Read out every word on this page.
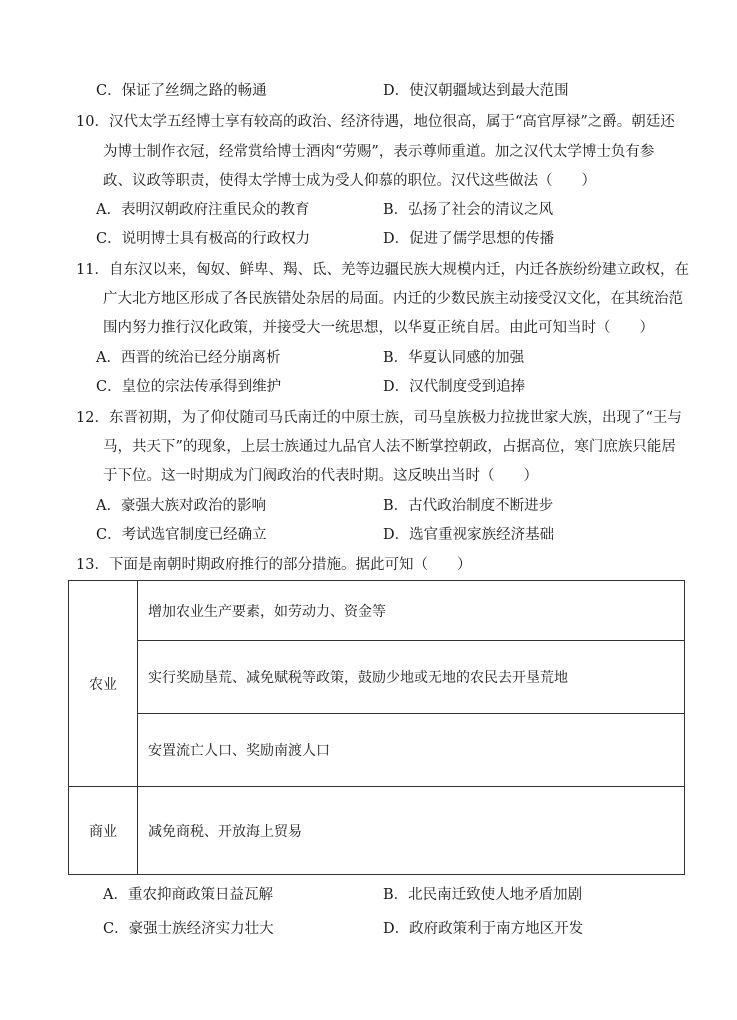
C．保证了丝绸之路的畅通	D．使汉朝疆域达到最大范围
10．汉代太学五经博士享有较高的政治、经济待遇，地位很高，属于“高官厚禄”之爵。朝廷还
为博士制作衣冠，经常赏给博士酒肉“劳赐”，表示尊师重道。加之汉代太学博士负有参
政、议政等职责，使得太学博士成为受人仰慕的职位。汉代这些做法（　　）
A．表明汉朝政府注重民众的教育	B．弘扬了社会的清议之风
C．说明博士具有极高的行政权力	D．促进了儒学思想的传播
11．自东汉以来，匈奴、鲜卑、羯、氐、羌等边疆民族大规模内迁，内迁各族纷纷建立政权，在
广大北方地区形成了各民族错处杂居的局面。内迁的少数民族主动接受汉文化，在其统治范
围内努力推行汉化政策，并接受大一统思想，以华夏正统自居。由此可知当时（　　）
A．西晋的统治已经分崩离析	B．华夏认同感的加强
C．皇位的宗法传承得到维护	D．汉代制度受到追捧
12．东晋初期，为了仰仗随司马氏南迁的中原士族，司马皇族极力拉拢世家大族，出现了“王与
马，共天下”的现象，上层士族通过九品官人法不断掌控朝政，占据高位，寒门庶族只能居
于下位。这一时期成为门阀政治的代表时期。这反映出当时（　　）
A．豪强大族对政治的影响	B．古代政治制度不断进步
C．考试选官制度已经确立	D．选官重视家族经济基础
13．下面是南朝时期政府推行的部分措施。据此可知（　　）
农业	增加农业生产要素，如劳动力、资金等
	实行奖励垦荒、减免赋税等政策，鼓励少地或无地的农民去开垦荒地
	安置流亡人口、奖励南渡人口
商业	减免商税、开放海上贸易
A．重农抑商政策日益瓦解	B．北民南迁致使人地矛盾加剧
C．豪强士族经济实力壮大	D．政府政策利于南方地区开发
